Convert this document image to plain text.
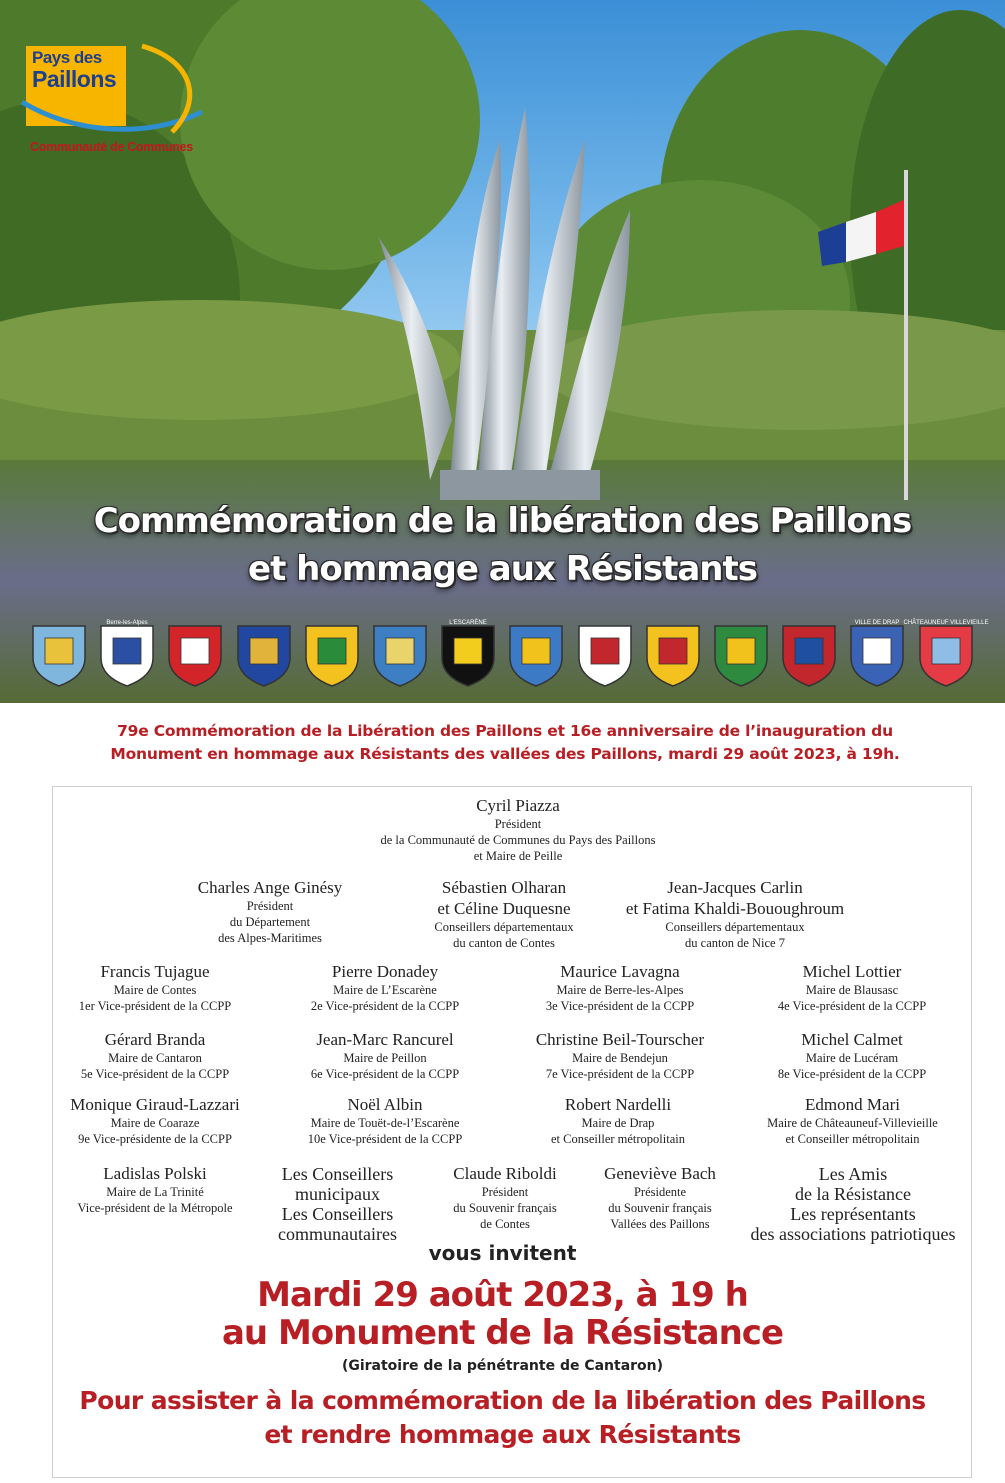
Pays des
Paillons
Communauté de Communes
Commémoration de la libération des Paillons
et hommage aux Résistants
Berre-les-Alpes	L'ESCARÈNE	VILLE DE DRAP CHÂTEAUNEUF VILLEVIEILLE
79e Commémoration de la Libération des Paillons et 16e anniversaire de l’inauguration du
Monument en hommage aux Résistants des vallées des Paillons, mardi 29 août 2023, à 19h.
Cyril Piazza
Président
de la Communauté de Communes du Pays des Paillons
et Maire de Peille
Charles Ange Ginésy
Président
du Département
des Alpes-Maritimes
Sébastien Olharan
et Céline Duquesne
Conseillers départementaux
du canton de Contes
Jean-Jacques Carlin
et Fatima Khaldi-Bououghroum
Conseillers départementaux
du canton de Nice 7
Francis Tujague
Maire de Contes
1er Vice-président de la CCPP
Pierre Donadey
Maire de L’Escarène
2e Vice-président de la CCPP
Maurice Lavagna
Maire de Berre-les-Alpes
3e Vice-président de la CCPP
Michel Lottier
Maire de Blausasc
4e Vice-président de la CCPP
Gérard Branda
Maire de Cantaron
5e Vice-président de la CCPP
Jean-Marc Rancurel
Maire de Peillon
6e Vice-président de la CCPP
Christine Beil-Tourscher
Maire de Bendejun
7e Vice-président de la CCPP
Michel Calmet
Maire de Lucéram
8e Vice-président de la CCPP
Monique Giraud-Lazzari
Maire de Coaraze
9e Vice-présidente de la CCPP
Noël Albin
Maire de Touët-de-l’Escarène
10e Vice-président de la CCPP
Robert Nardelli
Maire de Drap
et Conseiller métropolitain
Edmond Mari
Maire de Châteauneuf-Villevieille
et Conseiller métropolitain
Ladislas Polski
Maire de La Trinité
Vice-président de la Métropole
Les Conseillers
municipaux
Les Conseillers
communautaires
Claude Riboldi
Président
du Souvenir français
de Contes
Geneviève Bach
Présidente
du Souvenir français
Vallées des Paillons
Les Amis
de la Résistance
Les représentants
des associations patriotiques
vous invitent
Mardi 29 août 2023, à 19 h
au Monument de la Résistance
(Giratoire de la pénétrante de Cantaron)
Pour assister à la commémoration de la libération des Paillons
et rendre hommage aux Résistants
